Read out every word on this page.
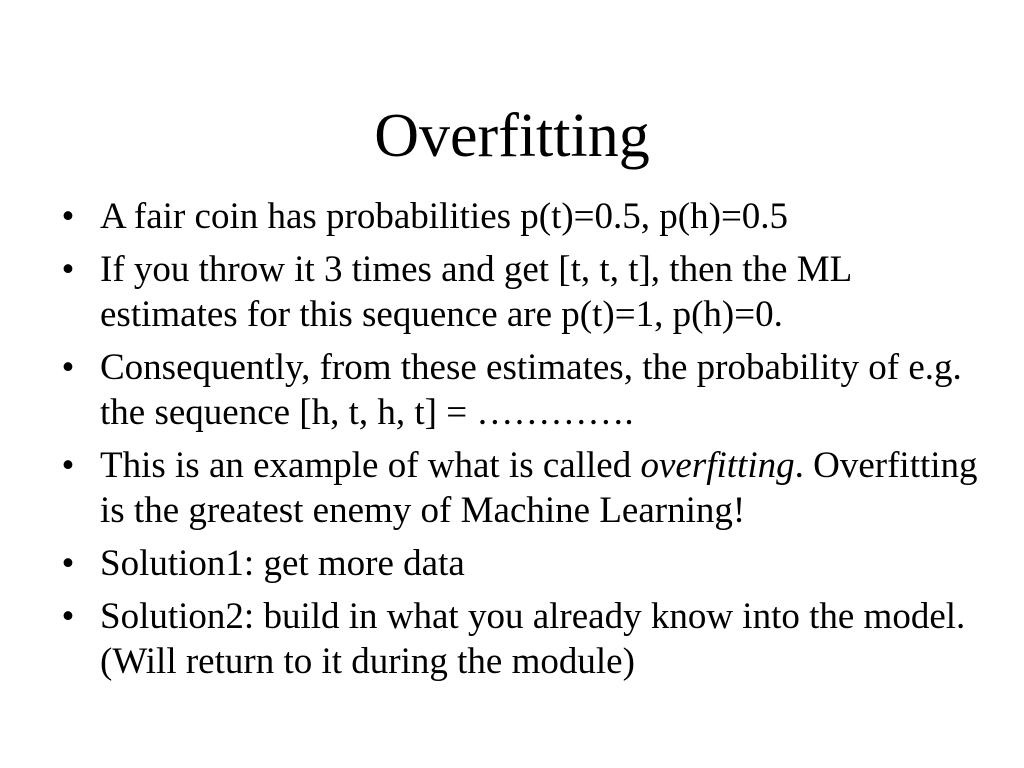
Overfitting
• A fair coin has probabilities p(t)=0.5, p(h)=0.5
• If you throw it 3 times and get [t, t, t], then the ML estimates for this sequence are p(t)=1, p(h)=0.
• Consequently, from these estimates, the probability of e.g. the sequence [h, t, h, t] = ………….
• This is an example of what is called overfitting. Overfitting is the greatest enemy of Machine Learning!
• Solution1: get more data
• Solution2: build in what you already know into the model. (Will return to it during the module)
